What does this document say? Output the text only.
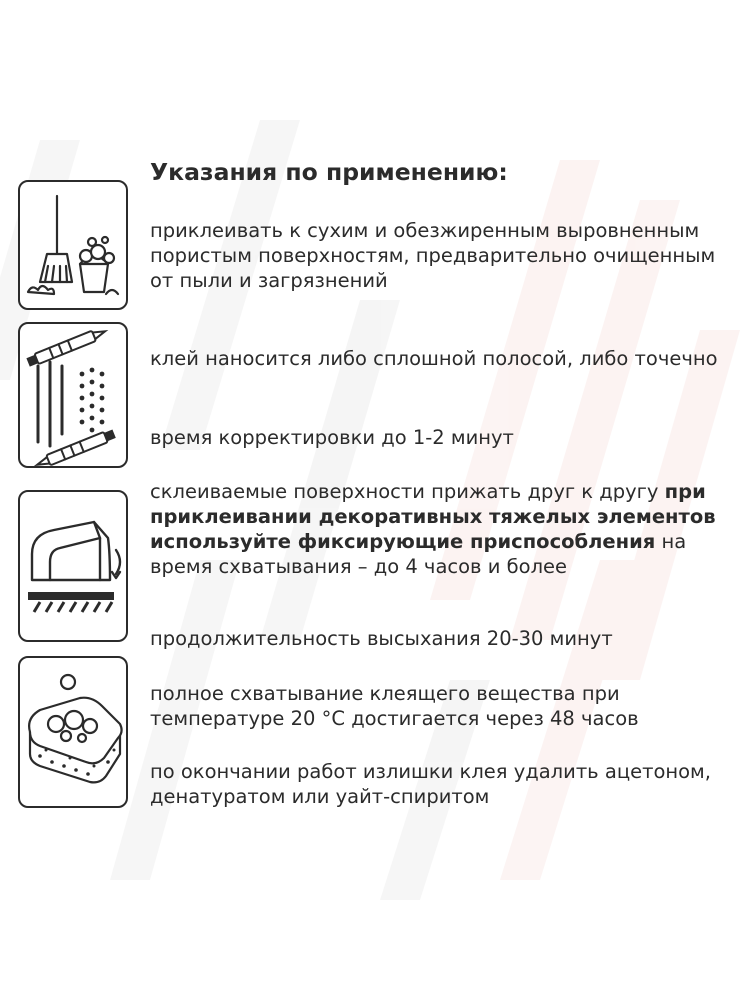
Указания по применению:
приклеивать к сухим и обезжиренным выровненным пористым поверхностям, предварительно очищенным от пыли и загрязнений
клей наносится либо сплошной полосой, либо точечно
время корректировки до 1-2 минут
склеиваемые поверхности прижать друг к другу при приклеивании декоративных тяжелых элементов используйте фиксирующие приспособления на время схватывания – до 4 часов и более
продолжительность высыхания 20-30 минут
полное схватывание клеящего вещества при температуре 20 °C достигается через 48 часов
по окончании работ излишки клея удалить ацетоном, денатуратом или уайт-спиритом
